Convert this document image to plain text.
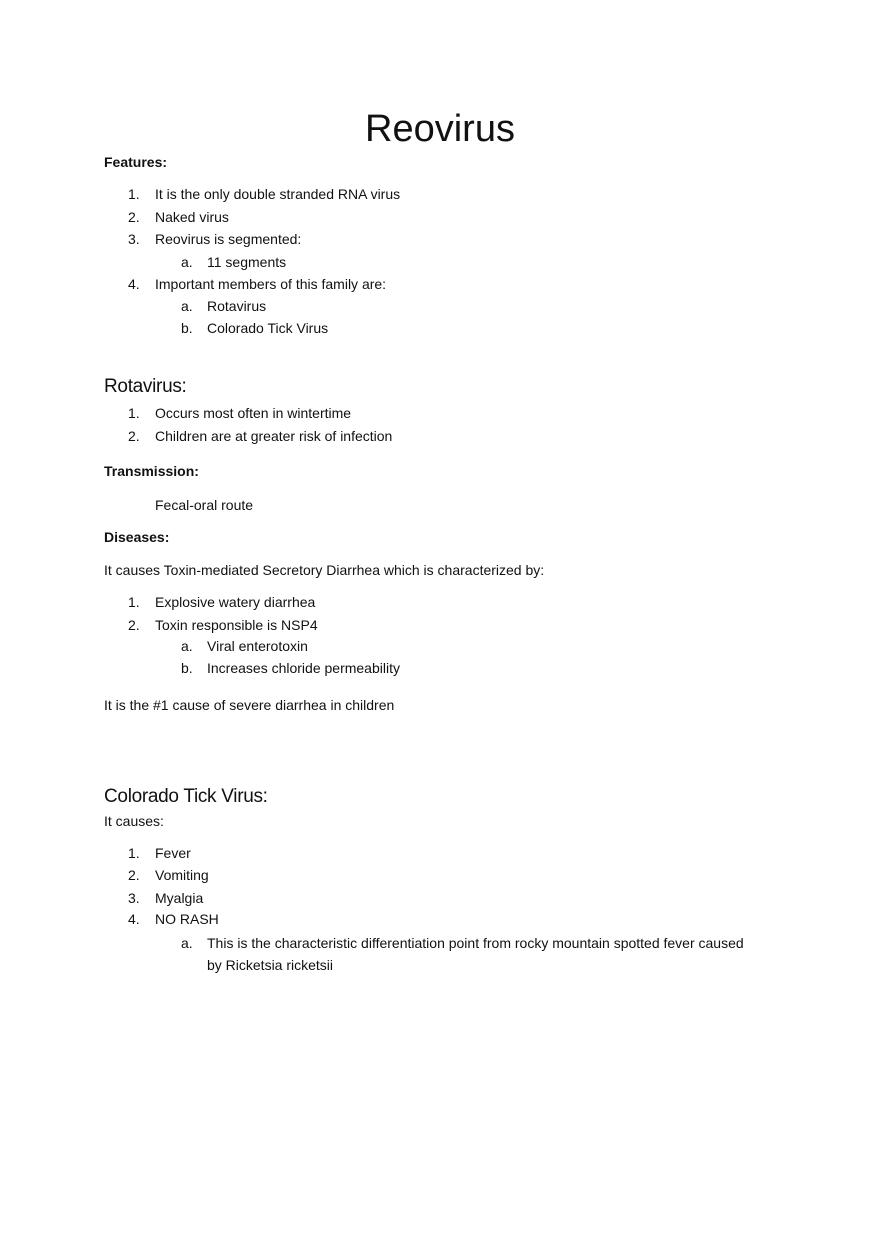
Reovirus
Features:
1. It is the only double stranded RNA virus
2. Naked virus
3. Reovirus is segmented:
a. 11 segments
4. Important members of this family are:
a. Rotavirus
b. Colorado Tick Virus
Rotavirus:
1. Occurs most often in wintertime
2. Children are at greater risk of infection
Transmission:
Fecal-oral route
Diseases:
It causes Toxin-mediated Secretory Diarrhea which is characterized by:
1. Explosive watery diarrhea
2. Toxin responsible is NSP4
a. Viral enterotoxin
b. Increases chloride permeability
It is the #1 cause of severe diarrhea in children
Colorado Tick Virus:
It causes:
1. Fever
2. Vomiting
3. Myalgia
4. NO RASH
a. This is the characteristic differentiation point from rocky mountain spotted fever caused
by Ricketsia ricketsii
